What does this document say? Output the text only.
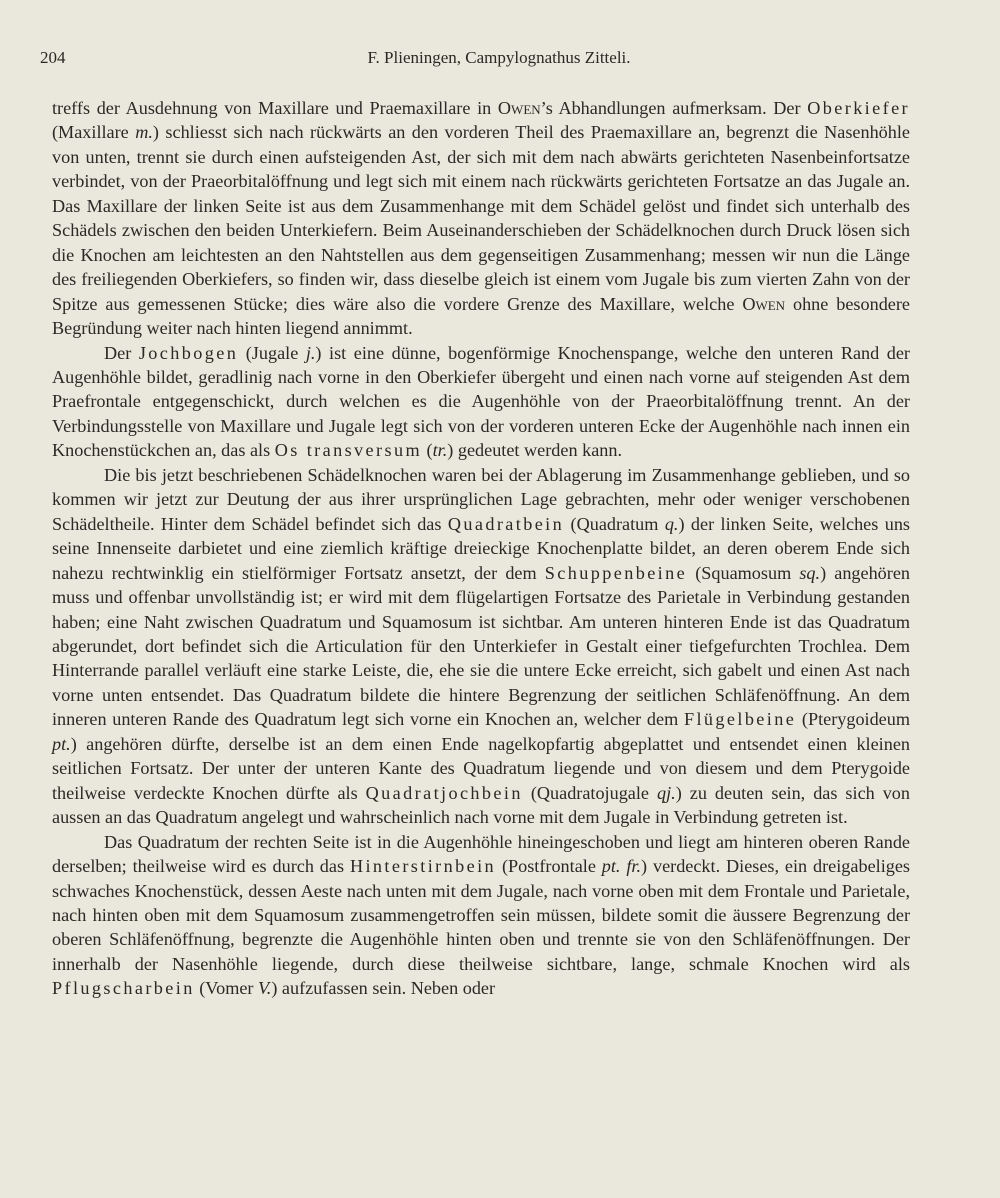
204	F. Plieningen, Campylognathus Zitteli.

treffs der Ausdehnung von Maxillare und Praemaxillare in Owen’s Abhandlungen aufmerksam. Der Oberkiefer (Maxillare m.) schliesst sich nach rückwärts an den vorderen Theil des Praemaxillare an, begrenzt die Nasenhöhle von unten, trennt sie durch einen aufsteigenden Ast, der sich mit dem nach abwärts gerichteten Nasenbeinfortsatze verbindet, von der Praeorbitalöffnung und legt sich mit einem nach rückwärts gerichteten Fortsatze an das Jugale an. Das Maxillare der linken Seite ist aus dem Zusammenhange mit dem Schädel gelöst und findet sich unterhalb des Schädels zwischen den beiden Unterkiefern. Beim Auseinanderschieben der Schädelknochen durch Druck lösen sich die Knochen am leichtesten an den Nahtstellen aus dem gegenseitigen Zusammenhang; messen wir nun die Länge des freiliegenden Oberkiefers, so finden wir, dass dieselbe gleich ist einem vom Jugale bis zum vierten Zahn von der Spitze aus gemessenen Stücke; dies wäre also die vordere Grenze des Maxillare, welche Owen ohne besondere Begründung weiter nach hinten liegend annimmt.

Der Jochbogen (Jugale j.) ist eine dünne, bogenförmige Knochenspange, welche den unteren Rand der Augenhöhle bildet, geradlinig nach vorne in den Oberkiefer übergeht und einen nach vorne auf steigenden Ast dem Praefrontale entgegenschickt, durch welchen es die Augenhöhle von der Praeorbitalöffnung trennt. An der Verbindungsstelle von Maxillare und Jugale legt sich von der vorderen unteren Ecke der Augenhöhle nach innen ein Knochenstückchen an, das als Os transversum (tr.) gedeutet werden kann.

Die bis jetzt beschriebenen Schädelknochen waren bei der Ablagerung im Zusammenhange geblieben, und so kommen wir jetzt zur Deutung der aus ihrer ursprünglichen Lage gebrachten, mehr oder weniger verschobenen Schädeltheile. Hinter dem Schädel befindet sich das Quadratbein (Quadratum q.) der linken Seite, welches uns seine Innenseite darbietet und eine ziemlich kräftige dreieckige Knochenplatte bildet, an deren oberem Ende sich nahezu rechtwinklig ein stielförmiger Fortsatz ansetzt, der dem Schuppenbeine (Squamosum sq.) angehören muss und offenbar unvollständig ist; er wird mit dem flügelartigen Fortsatze des Parietale in Verbindung gestanden haben; eine Naht zwischen Quadratum und Squamosum ist sichtbar. Am unteren hinteren Ende ist das Quadratum abgerundet, dort befindet sich die Articulation für den Unterkiefer in Gestalt einer tiefgefurchten Trochlea. Dem Hinterrande parallel verläuft eine starke Leiste, die, ehe sie die untere Ecke erreicht, sich gabelt und einen Ast nach vorne unten entsendet. Das Quadratum bildete die hintere Begrenzung der seitlichen Schläfenöffnung. An dem inneren unteren Rande des Quadratum legt sich vorne ein Knochen an, welcher dem Flügelbeine (Pterygoideum pt.) angehören dürfte, derselbe ist an dem einen Ende nagelkopfartig abgeplattet und entsendet einen kleinen seitlichen Fortsatz. Der unter der unteren Kante des Quadratum liegende und von diesem und dem Pterygoide theilweise verdeckte Knochen dürfte als Quadratjochbein (Quadratojugale qj.) zu deuten sein, das sich von aussen an das Quadratum angelegt und wahrscheinlich nach vorne mit dem Jugale in Verbindung getreten ist.

Das Quadratum der rechten Seite ist in die Augenhöhle hineingeschoben und liegt am hinteren oberen Rande derselben; theilweise wird es durch das Hinterstirnbein (Postfrontale pt. fr.) verdeckt. Dieses, ein dreigabeliges schwaches Knochenstück, dessen Aeste nach unten mit dem Jugale, nach vorne oben mit dem Frontale und Parietale, nach hinten oben mit dem Squamosum zusammengetroffen sein müssen, bildete somit die äussere Begrenzung der oberen Schläfenöffnung, begrenzte die Augenhöhle hinten oben und trennte sie von den Schläfenöffnungen. Der innerhalb der Nasenhöhle liegende, durch diese theilweise sichtbare, lange, schmale Knochen wird als Pflugscharbein (Vomer V.) aufzufassen sein. Neben oder
